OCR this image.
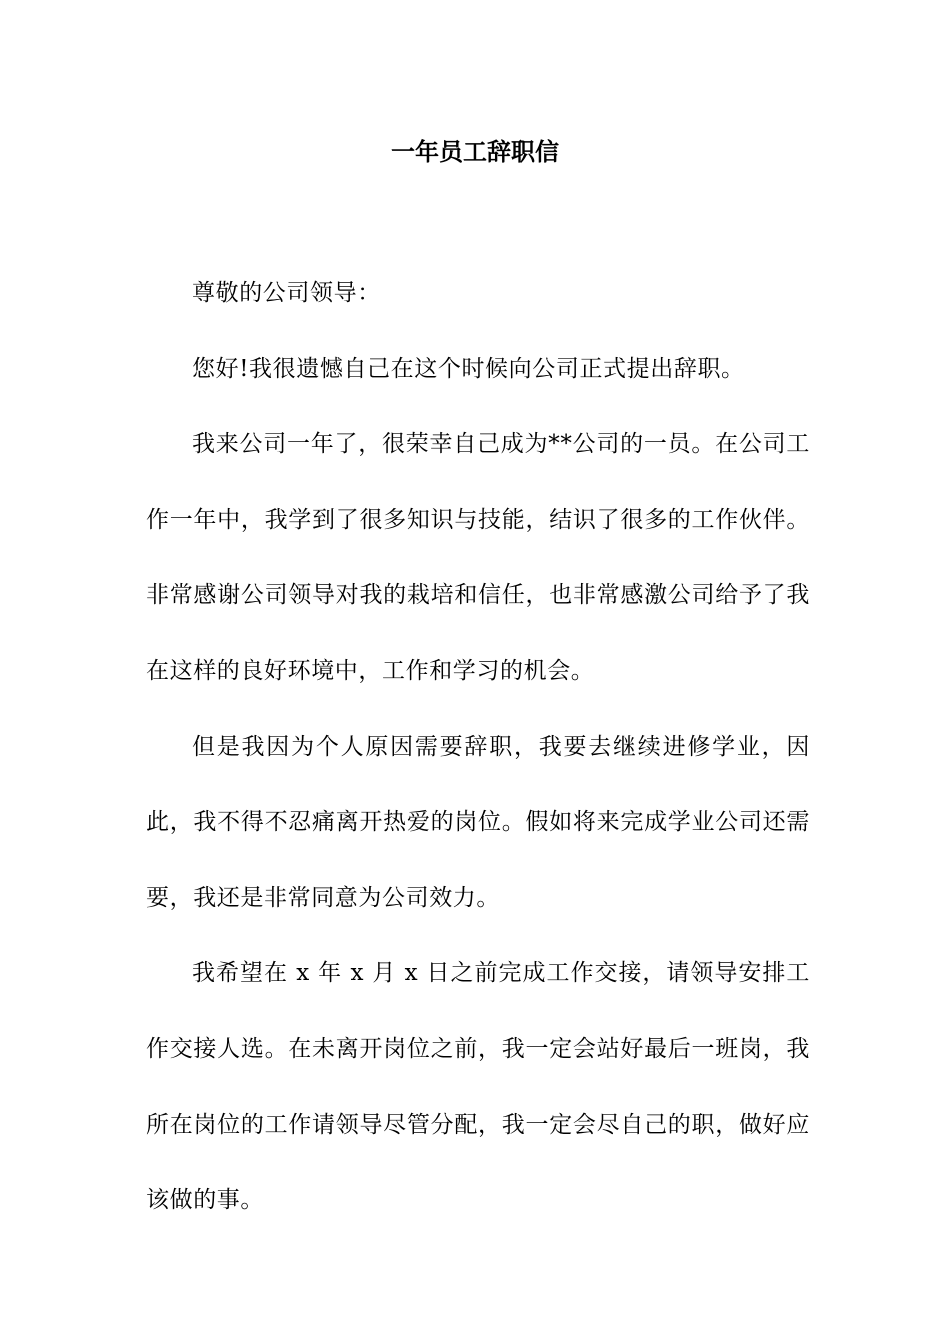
一年员工辞职信

尊敬的公司领导：

您好!我很遗憾自己在这个时候向公司正式提出辞职。

我来公司一年了，很荣幸自己成为**公司的一员。在公司工作一年中，我学到了很多知识与技能，结识了很多的工作伙伴。非常感谢公司领导对我的栽培和信任，也非常感激公司给予了我在这样的良好环境中，工作和学习的机会。

但是我因为个人原因需要辞职，我要去继续进修学业，因此，我不得不忍痛离开热爱的岗位。假如将来完成学业公司还需要，我还是非常同意为公司效力。

我希望在 x 年 x 月 x 日之前完成工作交接，请领导安排工作交接人选。在未离开岗位之前，我一定会站好最后一班岗，我所在岗位的工作请领导尽管分配，我一定会尽自己的职，做好应该做的事。
